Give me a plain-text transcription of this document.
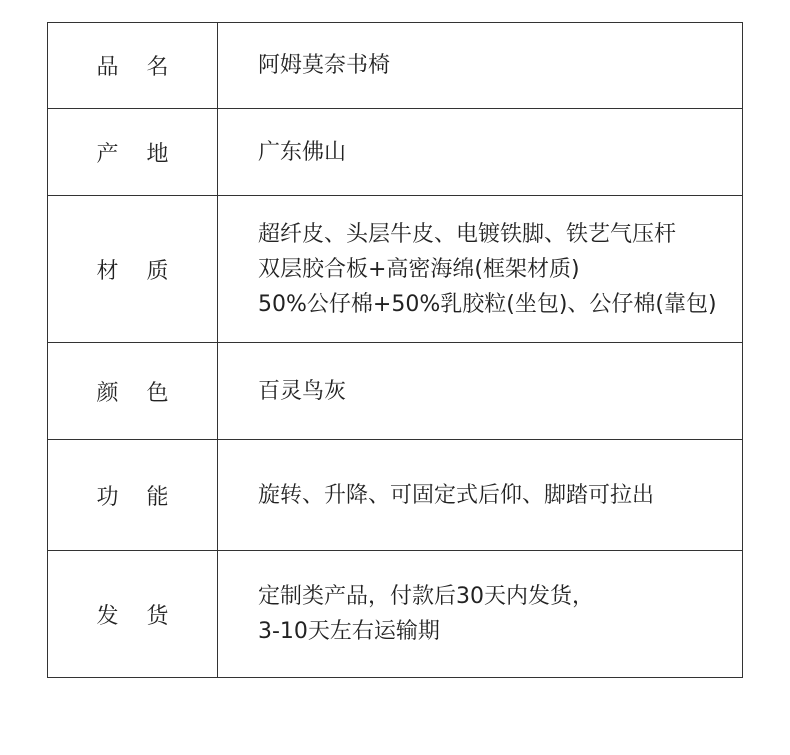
品 名	阿姆莫奈书椅

产 地	广东佛山

材 质	超纤皮、头层牛皮、电镀铁脚、铁艺气压杆
双层胶合板+高密海绵(框架材质)
50%公仔棉+50%乳胶粒(坐包)、公仔棉(靠包)

颜 色	百灵鸟灰

功 能	旋转、升降、可固定式后仰、脚踏可拉出

发 货	定制类产品，付款后30天内发货，
3-10天左右运输期
